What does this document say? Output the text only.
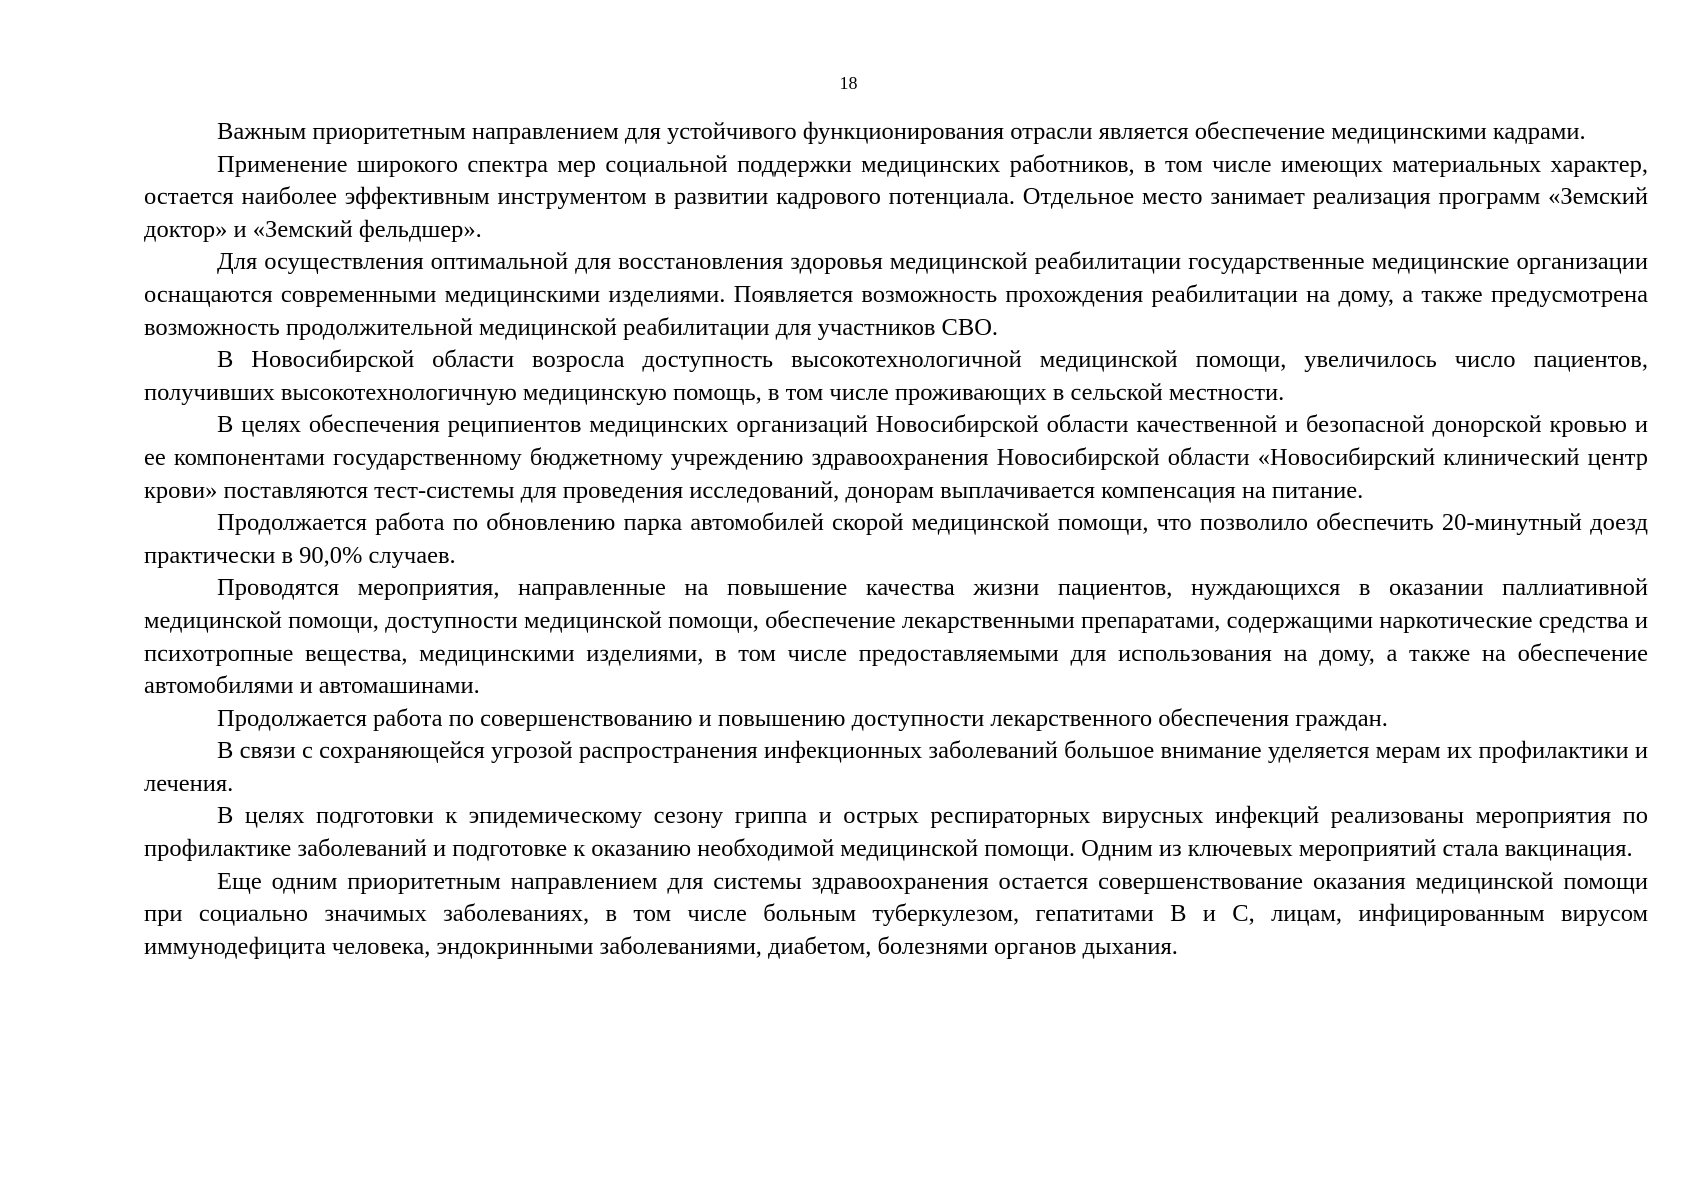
18

Важным приоритетным направлением для устойчивого функционирования отрасли является обеспечение медицинскими кадрами.

Применение широкого спектра мер социальной поддержки медицинских работников, в том числе имеющих материальных характер, остается наиболее эффективным инструментом в развитии кадрового потенциала. Отдельное место занимает реализация программ «Земский доктор» и «Земский фельдшер».

Для осуществления оптимальной для восстановления здоровья медицинской реабилитации государственные медицинские организации оснащаются современными медицинскими изделиями. Появляется возможность прохождения реабилитации на дому, а также предусмотрена возможность продолжительной медицинской реабилитации для участников СВО.

В Новосибирской области возросла доступность высокотехнологичной медицинской помощи, увеличилось число пациентов, получивших высокотехнологичную медицинскую помощь, в том числе проживающих в сельской местности.

В целях обеспечения реципиентов медицинских организаций Новосибирской области качественной и безопасной донорской кровью и ее компонентами государственному бюджетному учреждению здравоохранения Новосибирской области «Новосибирский клинический центр крови» поставляются тест-системы для проведения исследований, донорам выплачивается компенсация на питание.

Продолжается работа по обновлению парка автомобилей скорой медицинской помощи, что позволило обеспечить 20-минутный доезд практически в 90,0% случаев.

Проводятся мероприятия, направленные на повышение качества жизни пациентов, нуждающихся в оказании паллиативной медицинской помощи, доступности медицинской помощи, обеспечение лекарственными препаратами, содержащими наркотические средства и психотропные вещества, медицинскими изделиями, в том числе предоставляемыми для использования на дому, а также на обеспечение автомобилями и автомашинами.

Продолжается работа по совершенствованию и повышению доступности лекарственного обеспечения граждан.

В связи с сохраняющейся угрозой распространения инфекционных заболеваний большое внимание уделяется мерам их профилактики и лечения.

В целях подготовки к эпидемическому сезону гриппа и острых респираторных вирусных инфекций реализованы мероприятия по профилактике заболеваний и подготовке к оказанию необходимой медицинской помощи. Одним из ключевых мероприятий стала вакцинация.

Еще одним приоритетным направлением для системы здравоохранения остается совершенствование оказания медицинской помощи при социально значимых заболеваниях, в том числе больным туберкулезом, гепатитами В и С, лицам, инфицированным вирусом иммунодефицита человека, эндокринными заболеваниями, диабетом, болезнями органов дыхания.
